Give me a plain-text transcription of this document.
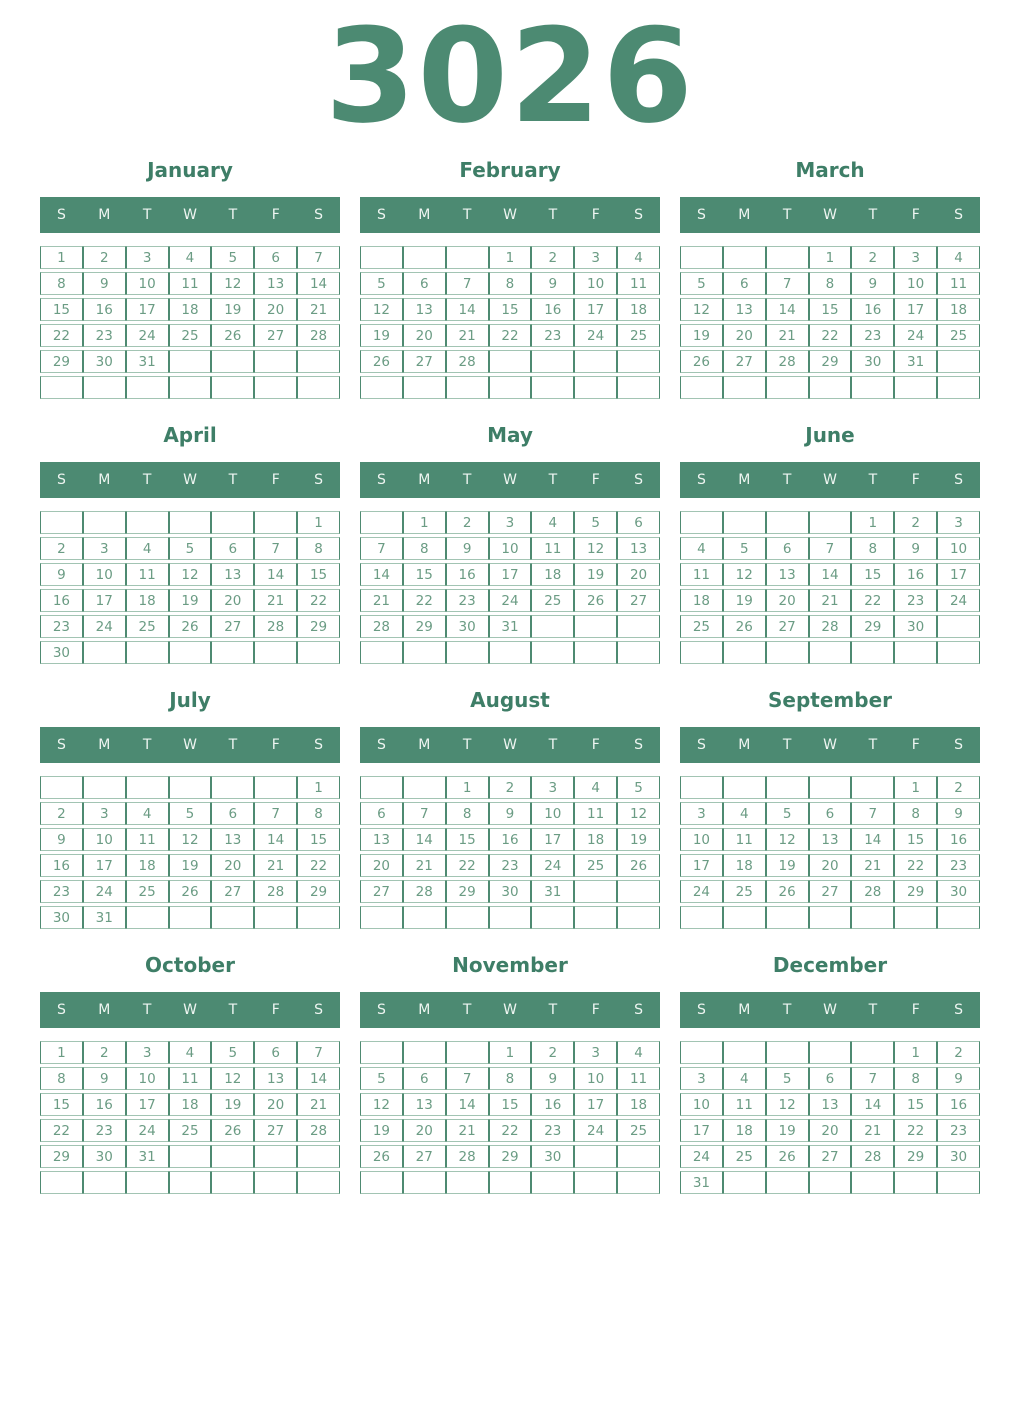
3026
January
S	M	T	W	T	F	S
1	2	3	4	5	6	7
8	9	10	11	12	13	14
15	16	17	18	19	20	21
22	23	24	25	26	27	28
29	30	31				

February
S	M	T	W	T	F	S
			1	2	3	4
5	6	7	8	9	10	11
12	13	14	15	16	17	18
19	20	21	22	23	24	25
26	27	28				

March
S	M	T	W	T	F	S
			1	2	3	4
5	6	7	8	9	10	11
12	13	14	15	16	17	18
19	20	21	22	23	24	25
26	27	28	29	30	31	

April
S	M	T	W	T	F	S
						1
2	3	4	5	6	7	8
9	10	11	12	13	14	15
16	17	18	19	20	21	22
23	24	25	26	27	28	29
30						
May
S	M	T	W	T	F	S
	1	2	3	4	5	6
7	8	9	10	11	12	13
14	15	16	17	18	19	20
21	22	23	24	25	26	27
28	29	30	31			

June
S	M	T	W	T	F	S
				1	2	3
4	5	6	7	8	9	10
11	12	13	14	15	16	17
18	19	20	21	22	23	24
25	26	27	28	29	30	

July
S	M	T	W	T	F	S
						1
2	3	4	5	6	7	8
9	10	11	12	13	14	15
16	17	18	19	20	21	22
23	24	25	26	27	28	29
30	31					
August
S	M	T	W	T	F	S
		1	2	3	4	5
6	7	8	9	10	11	12
13	14	15	16	17	18	19
20	21	22	23	24	25	26
27	28	29	30	31		

September
S	M	T	W	T	F	S
					1	2
3	4	5	6	7	8	9
10	11	12	13	14	15	16
17	18	19	20	21	22	23
24	25	26	27	28	29	30

October
S	M	T	W	T	F	S
1	2	3	4	5	6	7
8	9	10	11	12	13	14
15	16	17	18	19	20	21
22	23	24	25	26	27	28
29	30	31				

November
S	M	T	W	T	F	S
			1	2	3	4
5	6	7	8	9	10	11
12	13	14	15	16	17	18
19	20	21	22	23	24	25
26	27	28	29	30		

December
S	M	T	W	T	F	S
					1	2
3	4	5	6	7	8	9
10	11	12	13	14	15	16
17	18	19	20	21	22	23
24	25	26	27	28	29	30
31						
